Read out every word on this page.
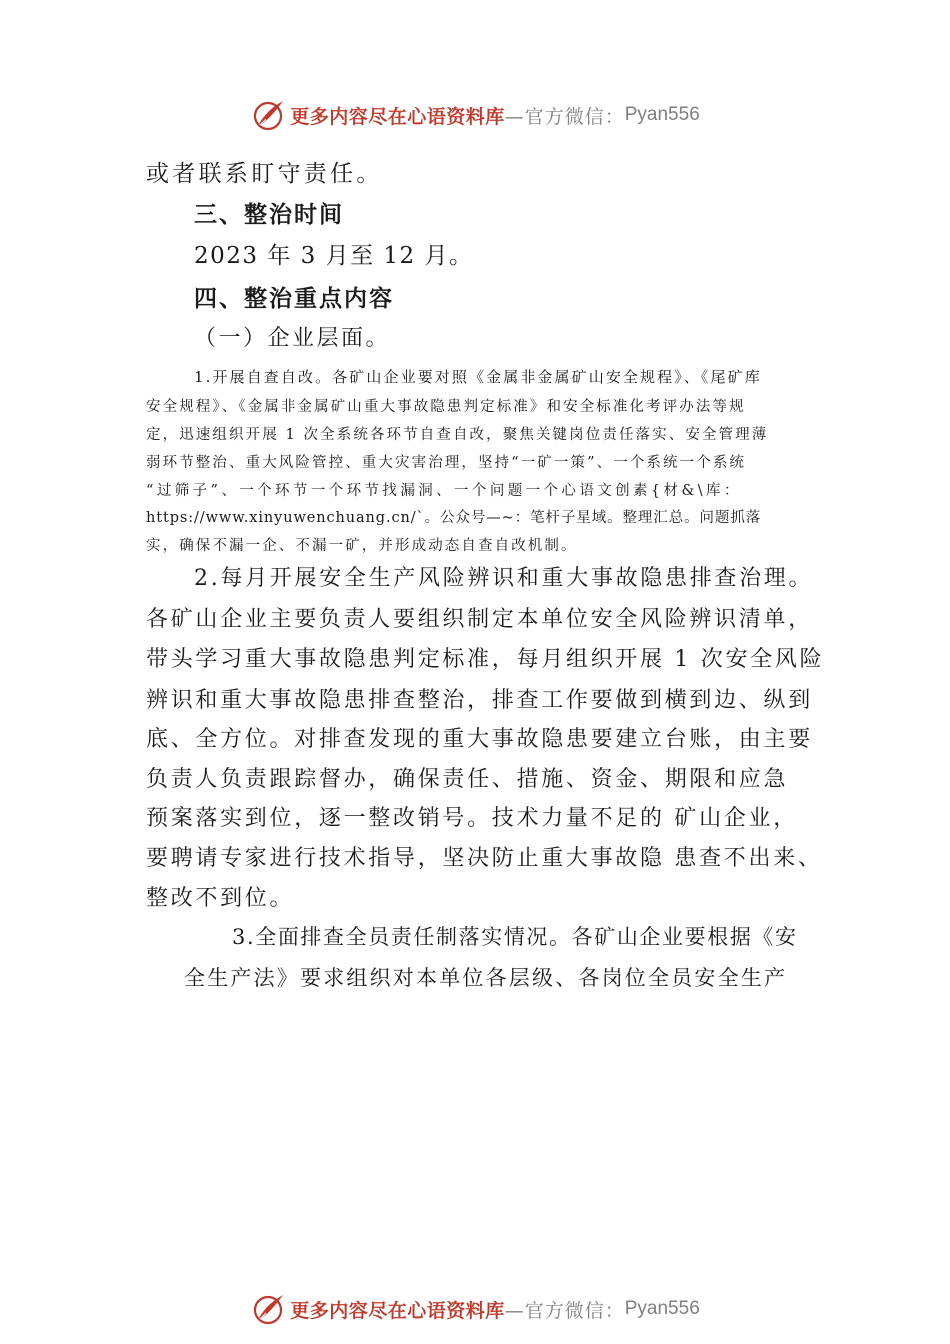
更多内容尽在心语资料库 —官方微信： Pyan556
或者联系盯守责任。
三、整治时间
2023 年 3 月至 12 月。
四、整治重点内容
（一）企业层面。
1.开展自查自改。各矿山企业要对照《金属非金属矿山安全规程》、《尾矿库
安全规程》、《金属非金属矿山重大事故隐患判定标准》和安全标准化考评办法等规
定，迅速组织开展 1 次全系统各环节自查自改，聚焦关键岗位责任落实、安全管理薄
弱环节整治、重大风险管控、重大灾害治理，坚持“一矿一策”、一个系统一个系统
“过筛子”、一个环节一个环节找漏洞、一个问题一个心语文创素{材&\库：
https://www.xinyuwenchuang.cn/`。公众号—~：笔杆子星域。整理汇总。问题抓落
实，确保不漏一企、不漏一矿，并形成动态自查自改机制。
2.每月开展安全生产风险辨识和重大事故隐患排查治理。
各矿山企业主要负责人要组织制定本单位安全风险辨识清单，
带头学习重大事故隐患判定标准，每月组织开展 1 次安全风险
辨识和重大事故隐患排查整治，排查工作要做到横到边、纵到
底、全方位。对排查发现的重大事故隐患要建立台账，由主要
负责人负责跟踪督办，确保责任、措施、资金、期限和应急
预案落实到位，逐一整改销号。技术力量不足的 矿山企业，
要聘请专家进行技术指导，坚决防止重大事故隐 患查不出来、
整改不到位。
3.全面排查全员责任制落实情况。各矿山企业要根据《安
全生产法》要求组织对本单位各层级、各岗位全员安全生产
更多内容尽在心语资料库 —官方微信： Pyan556
